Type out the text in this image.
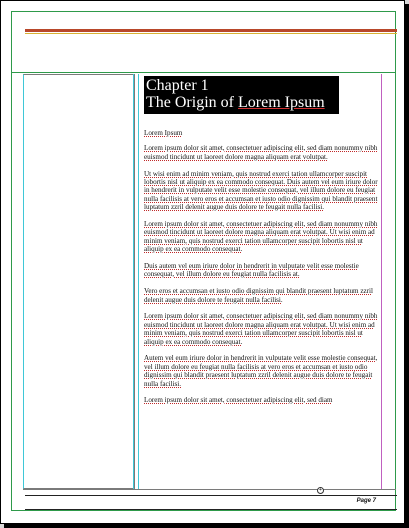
Chapter 1
The Origin of Lorem Ipsum

Lorem Ipsum

Lorem ipsum dolor sit amet, consectetuer adipiscing elit, sed diam nonummy nibh euismod tincidunt ut laoreet dolore magna aliquam erat volutpat.

Ut wisi enim ad minim veniam, quis nostrud exerci tation ullamcorper suscipit lobortis nisl ut aliquip ex ea commodo consequat. Duis autem vel eum iriure dolor in hendrerit in vulputate velit esse molestie consequat, vel illum dolore eu feugiat nulla facilisis at vero eros et accumsan et iusto odio dignissim qui blandit praesent luptatum zzril delenit augue duis dolore te feugait nulla facilisi.

Lorem ipsum dolor sit amet, consectetuer adipiscing elit, sed diam nonummy nibh euismod tincidunt ut laoreet dolore magna aliquam erat volutpat. Ut wisi enim ad minim veniam, quis nostrud exerci tation ullamcorper suscipit lobortis nisl ut aliquip ex ea commodo consequat.

Duis autem vel eum iriure dolor in hendrerit in vulputate velit esse molestie consequat, vel illum dolore eu feugiat nulla facilisis at.

Vero eros et accumsan et iusto odio dignissim qui blandit praesent luptatum zzril delenit augue duis dolore te feugait nulla facilisi.

Lorem ipsum dolor sit amet, consectetuer adipiscing elit, sed diam nonummy nibh euismod tincidunt ut laoreet dolore magna aliquam erat volutpat. Ut wisi enim ad minim veniam, quis nostrud exerci tation ullamcorper suscipit lobortis nisl ut aliquip ex ea commodo consequat.

Autem vel eum iriure dolor in hendrerit in vulputate velit esse molestie consequat, vel illum dolore eu feugiat nulla facilisis at vero eros et accumsan et iusto odio dignissim qui blandit praesent luptatum zzril delenit augue duis dolore te feugait nulla facilisi.

Lorem ipsum dolor sit amet, consectetuer adipiscing elit, sed diam

+
Page 7
